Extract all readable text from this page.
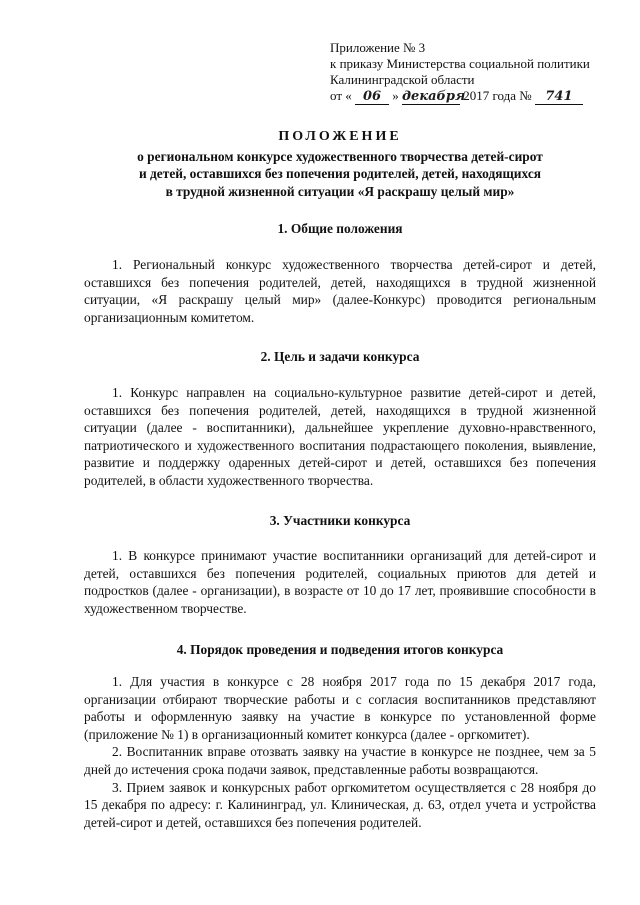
Приложение № 3
к приказу Министерства социальной политики
Калининградской области
от « 06 » декабря 2017 года № 741

ПОЛОЖЕНИЕ

о региональном конкурсе художественного творчества детей-сирот

и детей, оставшихся без попечения родителей, детей, находящихся

в трудной жизненной ситуации «Я раскрашу целый мир»

1. Общие положения

1. Региональный конкурс художественного творчества детей-сирот и детей, оставшихся без попечения родителей, детей, находящихся в трудной жизненной ситуации, «Я раскрашу целый мир» (далее-Конкурс) проводится региональным организационным комитетом.

2. Цель и задачи конкурса

1. Конкурс направлен на социально-культурное развитие детей-сирот и детей, оставшихся без попечения родителей, детей, находящихся в трудной жизненной ситуации (далее - воспитанники), дальнейшее укрепление духовно-нравственного, патриотического и художественного воспитания подрастающего поколения, выявление, развитие и поддержку одаренных детей-сирот и детей, оставшихся без попечения родителей, в области художественного творчества.

3. Участники конкурса

1. В конкурсе принимают участие воспитанники организаций для детей-сирот и детей, оставшихся без попечения родителей, социальных приютов для детей и подростков (далее - организации), в возрасте от 10 до 17 лет, проявившие способности в художественном творчестве.

4. Порядок проведения и подведения итогов конкурса

1. Для участия в конкурсе с 28 ноября 2017 года по 15 декабря 2017 года, организации отбирают творческие работы и с согласия воспитанников представляют работы и оформленную заявку на участие в конкурсе по установленной форме (приложение № 1) в организационный комитет конкурса (далее - оргкомитет).

2. Воспитанник вправе отозвать заявку на участие в конкурсе не позднее, чем за 5 дней до истечения срока подачи заявок, представленные работы возвращаются.

3. Прием заявок и конкурсных работ оргкомитетом осуществляется с 28 ноября до 15 декабря по адресу: г. Калининград, ул. Клиническая, д. 63, отдел учета и устройства детей-сирот и детей, оставшихся без попечения родителей.
